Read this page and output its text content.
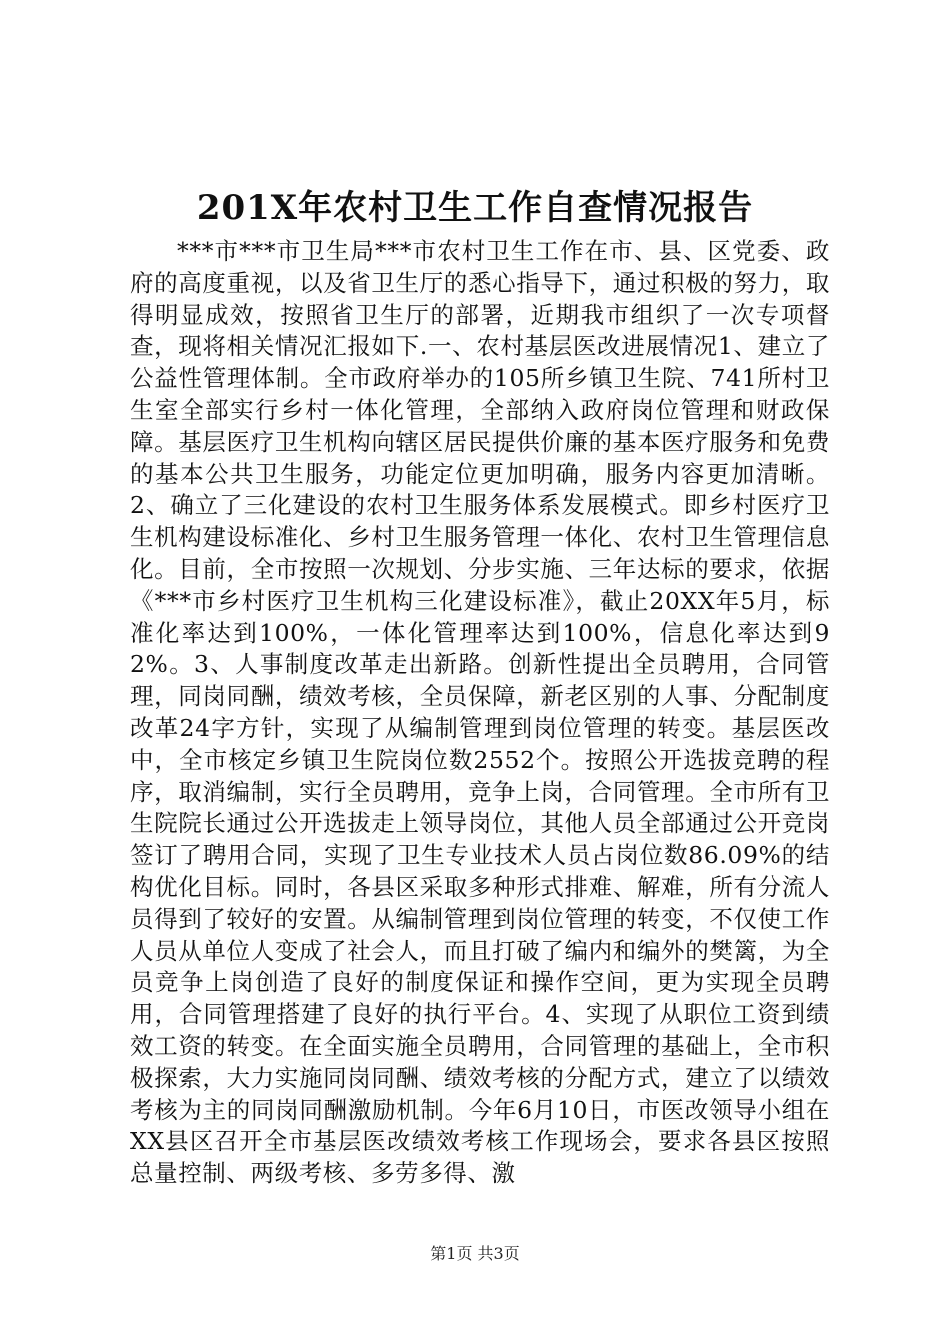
201X年农村卫生工作自查情况报告

***市***市卫生局***市农村卫生工作在市、县、区党委、政府的高度重视，以及省卫生厅的悉心指导下，通过积极的努力，取得明显成效，按照省卫生厅的部署，近期我市组织了一次专项督查，现将相关情况汇报如下.一、农村基层医改进展情况1、建立了公益性管理体制。全市政府举办的105所乡镇卫生院、741所村卫生室全部实行乡村一体化管理，全部纳入政府岗位管理和财政保障。基层医疗卫生机构向辖区居民提供价廉的基本医疗服务和免费的基本公共卫生服务，功能定位更加明确，服务内容更加清晰。2、确立了三化建设的农村卫生服务体系发展模式。即乡村医疗卫生机构建设标准化、乡村卫生服务管理一体化、农村卫生管理信息化。目前，全市按照一次规划、分步实施、三年达标的要求，依据《***市乡村医疗卫生机构三化建设标准》，截止20XX年5月，标准化率达到100%，一体化管理率达到100%，信息化率达到92%。3、人事制度改革走出新路。创新性提出全员聘用，合同管理，同岗同酬，绩效考核，全员保障，新老区别的人事、分配制度改革24字方针，实现了从编制管理到岗位管理的转变。基层医改中，全市核定乡镇卫生院岗位数2552个。按照公开选拔竞聘的程序，取消编制，实行全员聘用，竞争上岗，合同管理。全市所有卫生院院长通过公开选拔走上领导岗位，其他人员全部通过公开竞岗签订了聘用合同，实现了卫生专业技术人员占岗位数86.09%的结构优化目标。同时，各县区采取多种形式排难、解难，所有分流人员得到了较好的安置。从编制管理到岗位管理的转变，不仅使工作人员从单位人变成了社会人，而且打破了编内和编外的樊篱，为全员竞争上岗创造了良好的制度保证和操作空间，更为实现全员聘用，合同管理搭建了良好的执行平台。4、实现了从职位工资到绩效工资的转变。在全面实施全员聘用，合同管理的基础上，全市积极探索，大力实施同岗同酬、绩效考核的分配方式，建立了以绩效考核为主的同岗同酬激励机制。今年6月10日，市医改领导小组在XX县区召开全市基层医改绩效考核工作现场会，要求各县区按照总量控制、两级考核、多劳多得、激

第1页 共3页
